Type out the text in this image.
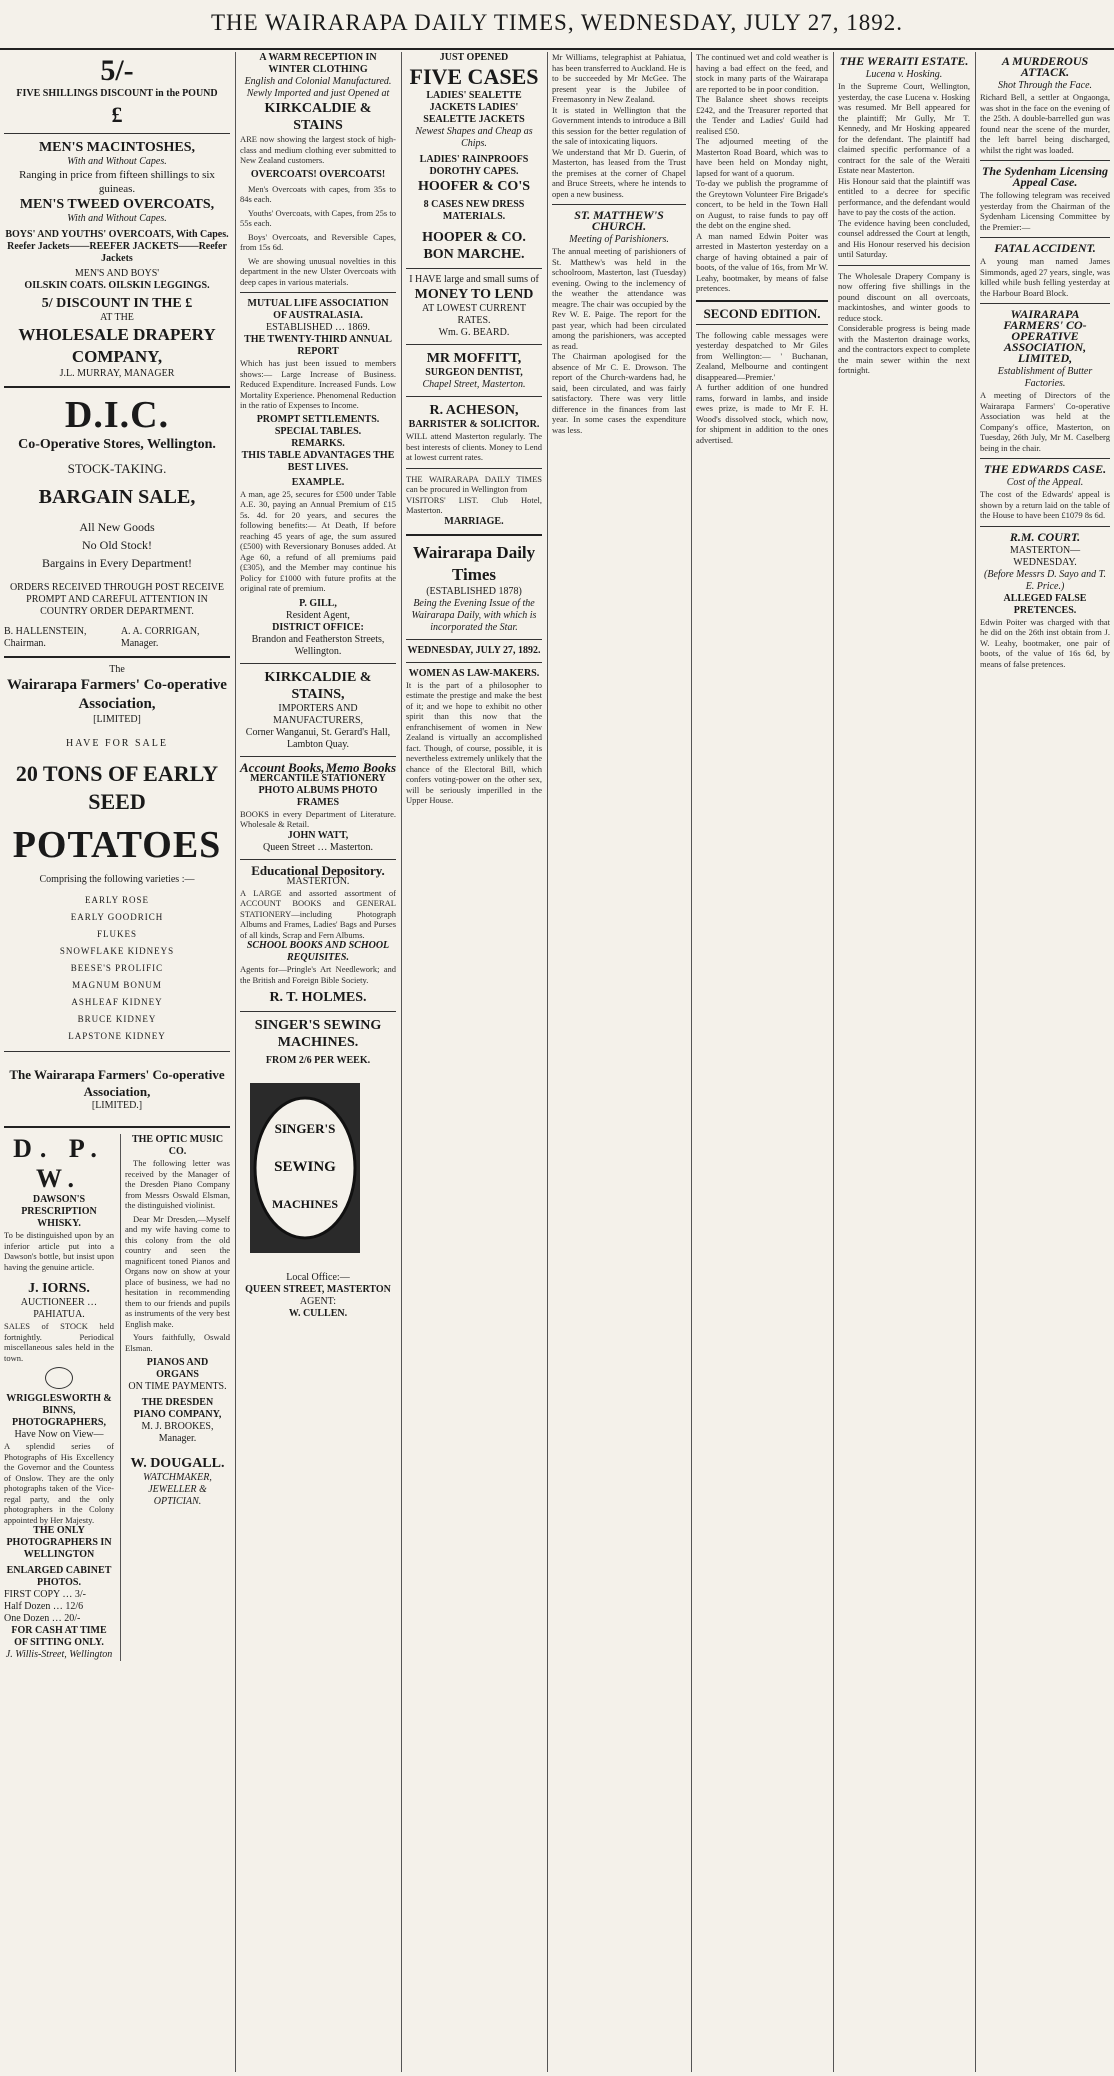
THE WAIRARAPA DAILY TIMES, WEDNESDAY, JULY 27, 1892.
5/-
FIVE SHILLINGS DISCOUNT in the POUND
£
MEN'S MACINTOSHES,
With and Without Capes.
Ranging in price from fifteen shillings to six guineas.
MEN'S TWEED OVERCOATS,
With and Without Capes.
BOYS' AND YOUTHS' OVERCOATS, With Capes.
Reefer Jackets——REEFER JACKETS——Reefer Jackets
MEN'S AND BOYS'
OILSKIN COATS. OILSKIN LEGGINGS.
5/ DISCOUNT IN THE £
AT THE
WHOLESALE DRAPERY COMPANY,
J.L. MURRAY, MANAGER
D.I.C.
Co-Operative Stores, Wellington.
STOCK-TAKING.
BARGAIN SALE,
All New Goods
No Old Stock!
Bargains in Every Department!
ORDERS RECEIVED THROUGH POST RECEIVE PROMPT AND CAREFUL ATTENTION IN COUNTRY ORDER DEPARTMENT.
B. HALLENSTEIN, Chairman.
A. A. CORRIGAN, Manager.
The
Wairarapa Farmers' Co-operative Association,
[LIMITED]
HAVE FOR SALE
20 TONS OF EARLY SEED
POTATOES
Comprising the following varieties :—
EARLY ROSE
EARLY GOODRICH
FLUKES
SNOWFLAKE KIDNEYS
BEESE'S PROLIFIC
MAGNUM BONUM
ASHLEAF KIDNEY
BRUCE KIDNEY
LAPSTONE KIDNEY
The Wairarapa Farmers' Co-operative Association,
[LIMITED.]
D. P. W.
DAWSON'S PRESCRIPTION WHISKY.
To be distinguished upon by an inferior article put into a Dawson's bottle, but insist upon having the genuine article.
J. IORNS.
AUCTIONEER … PAHIATUA.
SALES of STOCK held fortnightly. Periodical miscellaneous sales held in the town.
WRIGGLESWORTH & BINNS, PHOTOGRAPHERS,
Have Now on View—
A splendid series of Photographs of His Excellency the Governor and the Countess of Onslow. They are the only photographs taken of the Vice-regal party, and the only photographers in the Colony appointed by Her Majesty.
THE ONLY PHOTOGRAPHERS IN WELLINGTON
ENLARGED CABINET PHOTOS.
FIRST COPY … 3/-
Half Dozen … 12/6
One Dozen … 20/-
FOR CASH AT TIME OF SITTING ONLY.
J. Willis-Street, Wellington
THE OPTIC MUSIC CO.

The following letter was received by the Manager of the Dresden Piano Company from Messrs Oswald Elsman, the distinguished violinist.

Dear Mr Dresden,—Myself and my wife having come to this colony from the old country and seen the magnificent toned Pianos and Organs now on show at your place of business, we had no hesitation in recommending them to our friends and pupils as instruments of the very best English make.

Yours faithfully, Oswald Elsman.

PIANOS AND ORGANS
ON TIME PAYMENTS.
THE DRESDEN PIANO COMPANY,
M. J. BROOKES, Manager.
W. DOUGALL.
WATCHMAKER, JEWELLER & OPTICIAN.
A WARM RECEPTION IN WINTER CLOTHING
English and Colonial Manufactured. Newly Imported and just Opened at
KIRKCALDIE & STAINS
ARE now showing the largest stock of high-class and medium clothing ever submitted to New Zealand customers.
OVERCOATS! OVERCOATS!

Men's Overcoats with capes, from 35s to 84s each.

Youths' Overcoats, with Capes, from 25s to 55s each.

Boys' Overcoats, and Reversible Capes, from 15s 6d.

We are showing unusual novelties in this department in the new Ulster Overcoats with deep capes in various materials.

MUTUAL LIFE ASSOCIATION OF AUSTRALASIA.
ESTABLISHED … 1869.
THE TWENTY-THIRD ANNUAL REPORT
Which has just been issued to members shows:— Large Increase of Business. Reduced Expenditure. Increased Funds. Low Mortality Experience. Phenomenal Reduction in the ratio of Expenses to Income.
PROMPT SETTLEMENTS.
SPECIAL TABLES.
REMARKS.
THIS TABLE ADVANTAGES THE BEST LIVES.
EXAMPLE.
A man, age 25, secures for £500 under Table A.E. 30, paying an Annual Premium of £15 5s. 4d. for 20 years, and secures the following benefits:— At Death, If before reaching 45 years of age, the sum assured (£500) with Reversionary Bonuses added. At Age 60, a refund of all premiums paid (£305), and the Member may continue his Policy for £1000 with future profits at the original rate of premium.
P. GILL,
Resident Agent,
DISTRICT OFFICE:
Brandon and Featherston Streets, Wellington.
KIRKCALDIE & STAINS,
IMPORTERS AND MANUFACTURERS,
Corner Wanganui, St. Gerard's Hall, Lambton Quay.
Account Books, Memo Books
MERCANTILE STATIONERY PHOTO ALBUMS PHOTO FRAMES
BOOKS in every Department of Literature. Wholesale & Retail.
JOHN WATT,
Queen Street … Masterton.
Educational Depository.
MASTERTON.
A LARGE and assorted assortment of ACCOUNT BOOKS and GENERAL STATIONERY—including Photograph Albums and Frames, Ladies' Bags and Purses of all kinds, Scrap and Fern Albums.
SCHOOL BOOKS AND SCHOOL REQUISITES.
Agents for—Pringle's Art Needlework; and the British and Foreign Bible Society.
R. T. HOLMES.
SINGER'S SEWING MACHINES.
FROM 2/6 PER WEEK.
SINGER'S
SEWING
MACHINES
Local Office:—
QUEEN STREET, MASTERTON
AGENT:
W. CULLEN.
JUST OPENED
FIVE CASES
LADIES' SEALETTE JACKETS LADIES' SEALETTE JACKETS
Newest Shapes and Cheap as Chips.
LADIES' RAINPROOFS
DOROTHY CAPES.
HOOFER & CO'S
8 CASES NEW DRESS MATERIALS.
HOOPER & CO.
BON MARCHE.
I HAVE large and small sums of
MONEY TO LEND
AT LOWEST CURRENT RATES.
Wm. G. BEARD.
MR MOFFITT,
SURGEON DENTIST,
Chapel Street, Masterton.
R. ACHESON,
BARRISTER & SOLICITOR.
WILL attend Masterton regularly. The best interests of clients. Money to Lend at lowest current rates.
THE WAIRARAPA DAILY TIMES can be procured in Wellington from
VISITORS' LIST. Club Hotel, Masterton.
MARRIAGE.
Wairarapa Daily Times
(ESTABLISHED 1878)
Being the Evening Issue of the Wairarapa Daily, with which is incorporated the Star.
WEDNESDAY, JULY 27, 1892.
WOMEN AS LAW-MAKERS.
It is the part of a philosopher to estimate the prestige and make the best of it; and we hope to exhibit no other spirit than this now that the enfranchisement of women in New Zealand is virtually an accomplished fact. Though, of course, possible, it is nevertheless extremely unlikely that the chance of the Electoral Bill, which confers voting-power on the other sex, will be seriously imperilled in the Upper House.
Mr Williams, telegraphist at Pahiatua, has been transferred to Auckland. He is to be succeeded by Mr McGee. The present year is the Jubilee of Freemasonry in New Zealand.
It is stated in Wellington that the Government intends to introduce a Bill this session for the better regulation of the sale of intoxicating liquors.
We understand that Mr D. Guerin, of Masterton, has leased from the Trust the premises at the corner of Chapel and Bruce Streets, where he intends to open a new business.
ST. MATTHEW'S CHURCH.
Meeting of Parishioners.
The annual meeting of parishioners of St. Matthew's was held in the schoolroom, Masterton, last (Tuesday) evening. Owing to the inclemency of the weather the attendance was meagre. The chair was occupied by the Rev W. E. Paige. The report for the past year, which had been circulated among the parishioners, was accepted as read.
The Chairman apologised for the absence of Mr C. E. Drowson. The report of the Church-wardens had, he said, been circulated, and was fairly satisfactory. There was very little difference in the finances from last year. In some cases the expenditure was less.
The continued wet and cold weather is having a bad effect on the feed, and stock in many parts of the Wairarapa are reported to be in poor condition.
The Balance sheet shows receipts £242, and the Treasurer reported that the Tender and Ladies' Guild had realised £50.
The adjourned meeting of the Masterton Road Board, which was to have been held on Monday night, lapsed for want of a quorum.
To-day we publish the programme of the Greytown Volunteer Fire Brigade's concert, to be held in the Town Hall on August, to raise funds to pay off the debt on the engine shed.
A man named Edwin Poiter was arrested in Masterton yesterday on a charge of having obtained a pair of boots, of the value of 16s, from Mr W. Leahy, bootmaker, by means of false pretences.
SECOND EDITION.
The following cable messages were yesterday despatched to Mr Giles from Wellington:— ' Buchanan, Zealand, Melbourne and contingent disappeared—Premier.'
A further addition of one hundred rams, forward in lambs, and inside ewes prize, is made to Mr F. H. Wood's dissolved stock, which now, for shipment in addition to the ones advertised.
THE WERAITI ESTATE.
Lucena v. Hosking.
In the Supreme Court, Wellington, yesterday, the case Lucena v. Hosking was resumed. Mr Bell appeared for the plaintiff; Mr Gully, Mr T. Kennedy, and Mr Hosking appeared for the defendant. The plaintiff had claimed specific performance of a contract for the sale of the Weraiti Estate near Masterton.
His Honour said that the plaintiff was entitled to a decree for specific performance, and the defendant would have to pay the costs of the action.
The evidence having been concluded, counsel addressed the Court at length, and His Honour reserved his decision until Saturday.
The Wholesale Drapery Company is now offering five shillings in the pound discount on all overcoats, mackintoshes, and winter goods to reduce stock.
Considerable progress is being made with the Masterton drainage works, and the contractors expect to complete the main sewer within the next fortnight.
A MURDEROUS ATTACK.
Shot Through the Face.
Richard Bell, a settler at Ongaonga, was shot in the face on the evening of the 25th. A double-barrelled gun was found near the scene of the murder, the left barrel being discharged, whilst the right was loaded.
The Sydenham Licensing Appeal Case.
The following telegram was received yesterday from the Chairman of the Sydenham Licensing Committee by the Premier:—
FATAL ACCIDENT.
A young man named James Simmonds, aged 27 years, single, was killed while bush felling yesterday at the Harbour Board Block.
WAIRARAPA FARMERS' CO-OPERATIVE ASSOCIATION, LIMITED,
Establishment of Butter Factories.
A meeting of Directors of the Wairarapa Farmers' Co-operative Association was held at the Company's office, Masterton, on Tuesday, 26th July, Mr M. Caselberg being in the chair.
THE EDWARDS CASE.
Cost of the Appeal.
The cost of the Edwards' appeal is shown by a return laid on the table of the House to have been £1079 8s 6d.
R.M. COURT.
MASTERTON—WEDNESDAY.
(Before Messrs D. Sayo and T. E. Price.)
ALLEGED FALSE PRETENCES.
Edwin Poiter was charged with that he did on the 26th inst obtain from J. W. Leahy, bootmaker, one pair of boots, of the value of 16s 6d, by means of false pretences.
